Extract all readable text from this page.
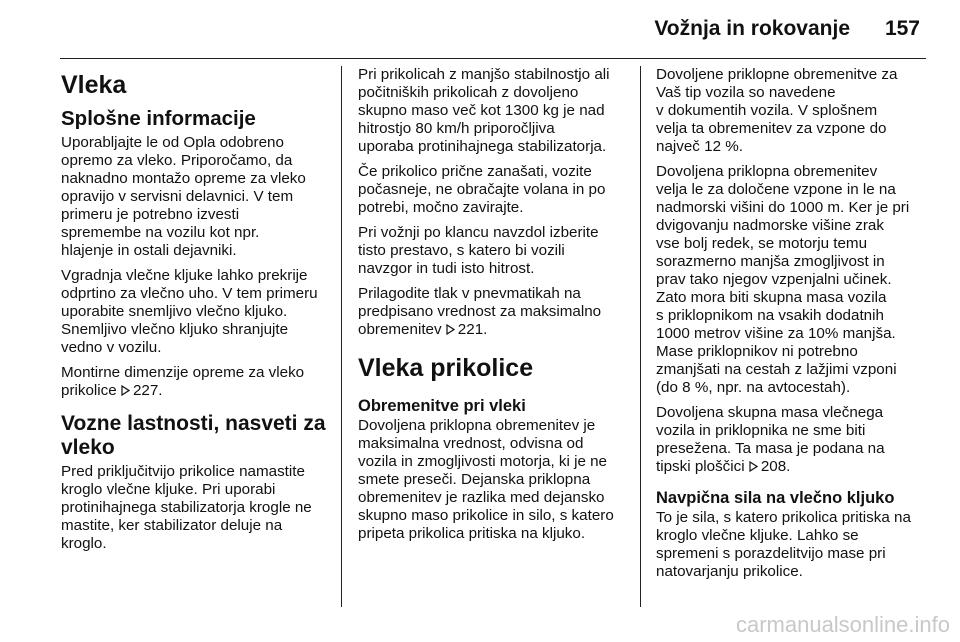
Vožnja in rokovanje 157
Vleka
Splošne informacije

Uporabljajte le od Opla odobreno
opremo za vleko. Priporočamo, da
naknadno montažo opreme za vleko
opravijo v servisni delavnici. V tem
primeru je potrebno izvesti
spremembe na vozilu kot npr.
hlajenje in ostali dejavniki.

Vgradnja vlečne kljuke lahko prekrije
odprtino za vlečno uho. V tem primeru
uporabite snemljivo vlečno kljuko.
Snemljivo vlečno kljuko shranjujte
vedno v vozilu.

Montirne dimenzije opreme za vleko
prikolice 227.

Vozne lastnosti, nasveti za
vleko

Pred priključitvijo prikolice namastite
kroglo vlečne kljuke. Pri uporabi
protinihajnega stabilizatorja krogle ne
mastite, ker stabilizator deluje na
kroglo.

Pri prikolicah z manjšo stabilnostjo ali
počitniških prikolicah z dovoljeno
skupno maso več kot 1300 kg je nad
hitrostjo 80 km/h priporočljiva
uporaba protinihajnega stabilizatorja.

Če prikolico prične zanašati, vozite
počasneje, ne obračajte volana in po
potrebi, močno zavirajte.

Pri vožnji po klancu navzdol izberite
tisto prestavo, s katero bi vozili
navzgor in tudi isto hitrost.

Prilagodite tlak v pnevmatikah na
predpisano vrednost za maksimalno
obremenitev 221.

Vleka prikolice
Obremenitve pri vleki

Dovoljena priklopna obremenitev je
maksimalna vrednost, odvisna od
vozila in zmogljivosti motorja, ki je ne
smete preseči. Dejanska priklopna
obremenitev je razlika med dejansko
skupno maso prikolice in silo, s katero
pripeta prikolica pritiska na kljuko.

Dovoljene priklopne obremenitve za
Vaš tip vozila so navedene
v dokumentih vozila. V splošnem
velja ta obremenitev za vzpone do
največ 12 %.

Dovoljena priklopna obremenitev
velja le za določene vzpone in le na
nadmorski višini do 1000 m. Ker je pri
dvigovanju nadmorske višine zrak
vse bolj redek, se motorju temu
sorazmerno manjša zmogljivost in
prav tako njegov vzpenjalni učinek.
Zato mora biti skupna masa vozila
s priklopnikom na vsakih dodatnih
1000 metrov višine za 10% manjša.
Mase priklopnikov ni potrebno
zmanjšati na cestah z lažjimi vzponi
(do 8 %, npr. na avtocestah).

Dovoljena skupna masa vlečnega
vozila in priklopnika ne sme biti
presežena. Ta masa je podana na
tipski ploščici 208.

Navpična sila na vlečno kljuko

To je sila, s katero prikolica pritiska na
kroglo vlečne kljuke. Lahko se
spremeni s porazdelitvijo mase pri
natovarjanju prikolice.

carmanualsonline.info
